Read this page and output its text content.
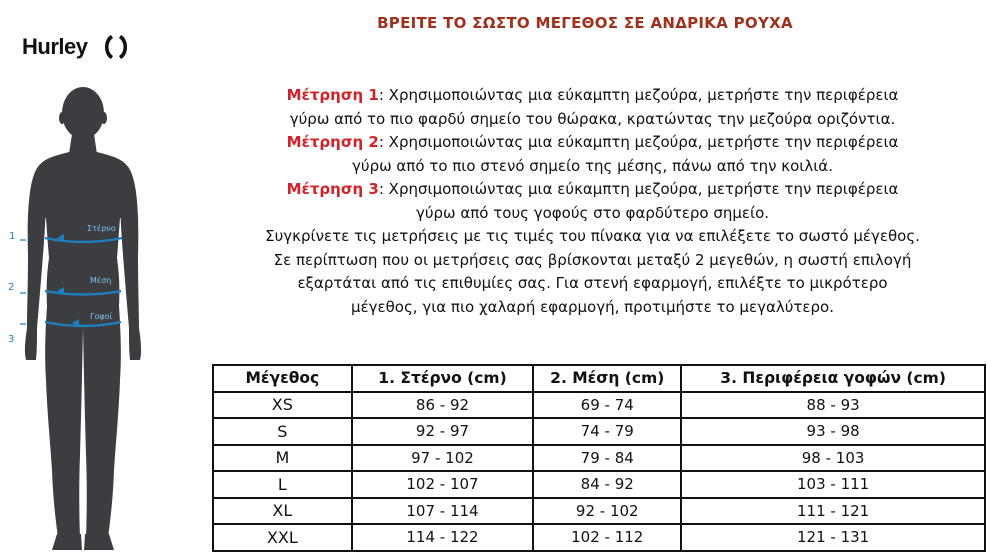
ΒΡΕΙΤΕ ΤΟ ΣΩΣΤΟ ΜΕΓΕΘΟΣ ΣΕ ΑΝΔΡΙΚΑ ΡΟΥΧΑ
Hurley
1
2
3
Στέρνο
Μέση
Γοφοί

Μέτρηση 1: Χρησιμοποιώντας μια εύκαμπτη μεζούρα, μετρήστε την περιφέρεια

γύρω από το πιο φαρδύ σημείο του θώρακα, κρατώντας την μεζούρα οριζόντια.

Μέτρηση 2: Χρησιμοποιώντας μια εύκαμπτη μεζούρα, μετρήστε την περιφέρεια

γύρω από το πιο στενό σημείο της μέσης, πάνω από την κοιλιά.

Μέτρηση 3: Χρησιμοποιώντας μια εύκαμπτη μεζούρα, μετρήστε την περιφέρεια

γύρω από τους γοφούς στο φαρδύτερο σημείο.

Συγκρίνετε τις μετρήσεις με τις τιμές του πίνακα για να επιλέξετε το σωστό μέγεθος.

Σε περίπτωση που οι μετρήσεις σας βρίσκονται μεταξύ 2 μεγεθών, η σωστή επιλογή

εξαρτάται από τις επιθυμίες σας. Για στενή εφαρμογή, επιλέξτε το μικρότερο

μέγεθος, για πιο χαλαρή εφαρμογή, προτιμήστε το μεγαλύτερο.

Μέγεθος	1. Στέρνο (cm)	2. Μέση (cm)	3. Περιφέρεια γοφών (cm)
XS	86 - 92	69 - 74	88 - 93
S	92 - 97	74 - 79	93 - 98
M	97 - 102	79 - 84	98 - 103
L	102 - 107	84 - 92	103 - 111
XL	107 - 114	92 - 102	111 - 121
XXL	114 - 122	102 - 112	121 - 131
